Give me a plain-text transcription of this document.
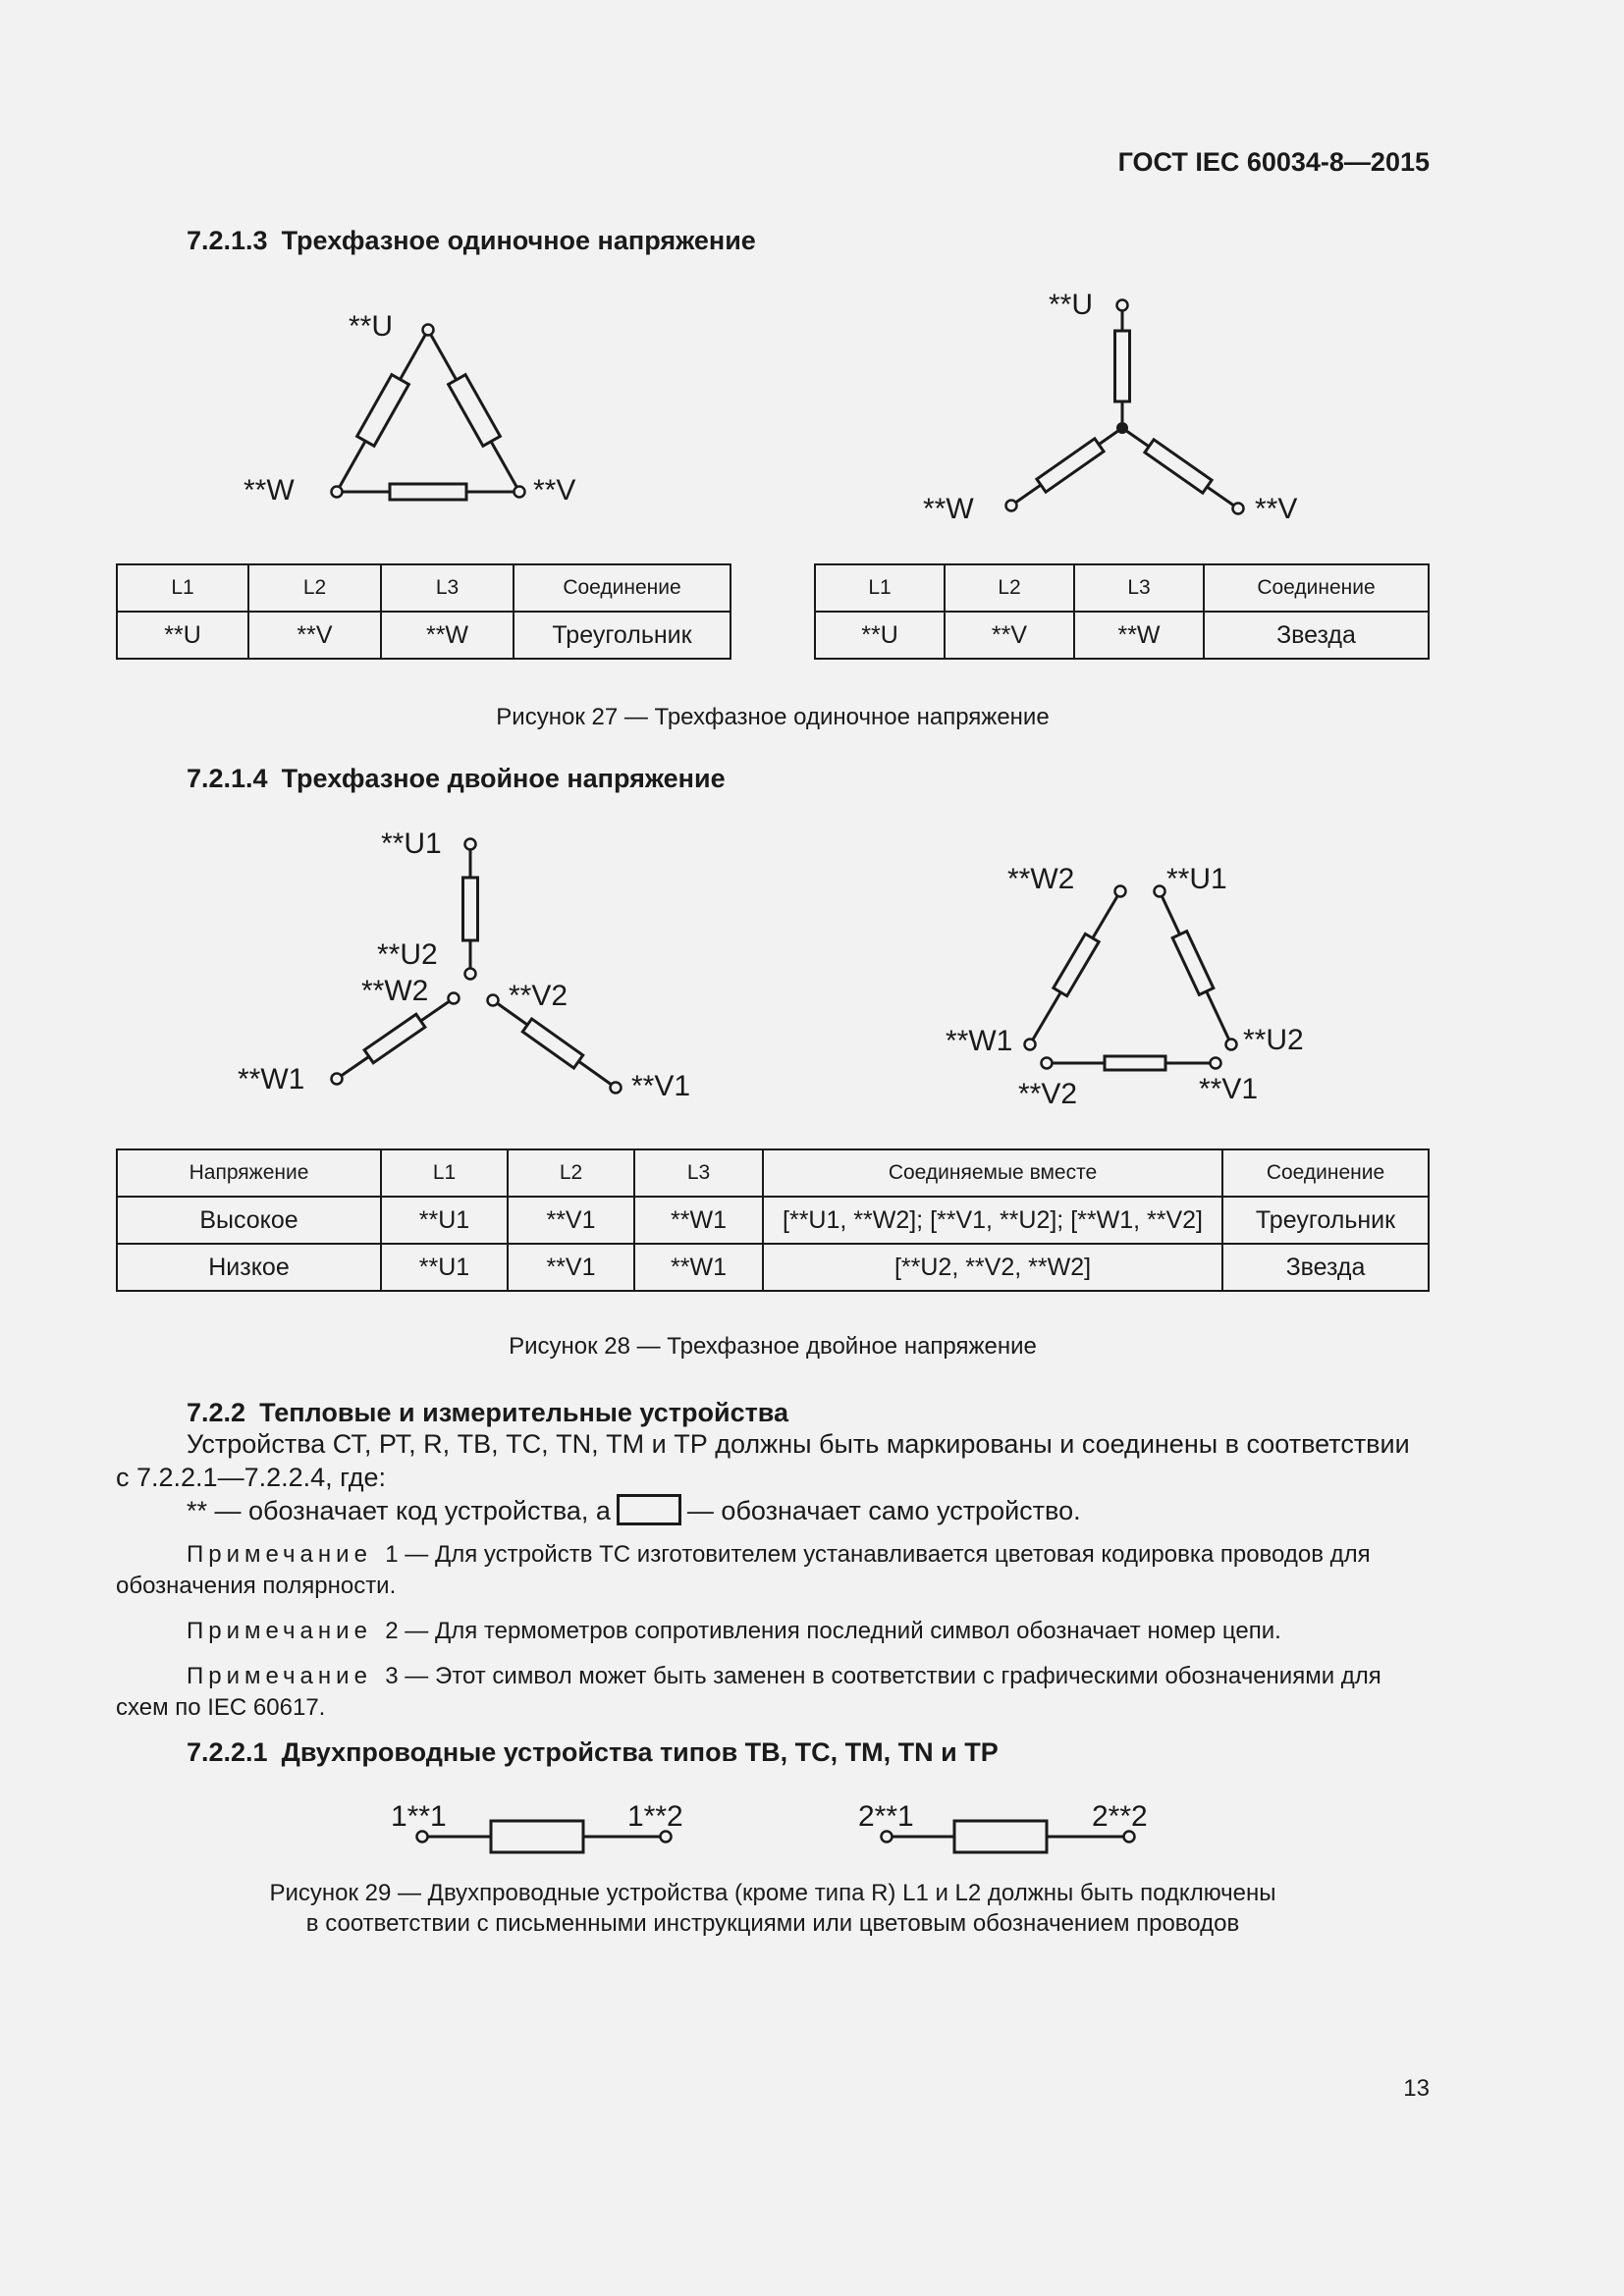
ГОСТ IEC 60034-8—2015
7.2.1.3 Трехфазное одиночное напряжение
**U
**W	**V
**U
**W	**V
L1	L2	L3	Соединение
**U	**V	**W	Треугольник
L1	L2	L3	Соединение
**U	**V	**W	Звезда
Рисунок 27 — Трехфазное одиночное напряжение
7.2.1.4 Трехфазное двойное напряжение
**U1
**U2
**W2	**V2
**W1	**V1
**W2	**U1
**W1	**U2
**V2	**V1
Напряжение	L1	L2	L3	Соединяемые вместе	Соединение
Высокое	**U1	**V1	**W1	[**U1, **W2]; [**V1, **U2]; [**W1, **V2]	Треугольник
Низкое	**U1	**V1	**W1	[**U2, **V2, **W2]	Звезда
Рисунок 28 — Трехфазное двойное напряжение
7.2.2 Тепловые и измерительные устройства
Устройства СТ, РТ, R, ТВ, ТС, TN, ТМ и ТР должны быть маркированы и соединены в соответствии с 7.2.2.1—7.2.2.4, где:
** — обозначает код устройства, а	— обозначает само устройство.
Примечание 1 — Для устройств ТС изготовителем устанавливается цветовая кодировка проводов для обозначения полярности.
Примечание 2 — Для термометров сопротивления последний символ обозначает номер цепи.
Примечание 3 — Этот символ может быть заменен в соответствии с графическими обозначениями для схем по IEC 60617.
7.2.2.1 Двухпроводные устройства типов ТВ, ТС, ТМ, TN и ТР
1**1	1**2	2**1	2**2
Рисунок 29 — Двухпроводные устройства (кроме типа R) L1 и L2 должны быть подключены
в соответствии с письменными инструкциями или цветовым обозначением проводов
13
